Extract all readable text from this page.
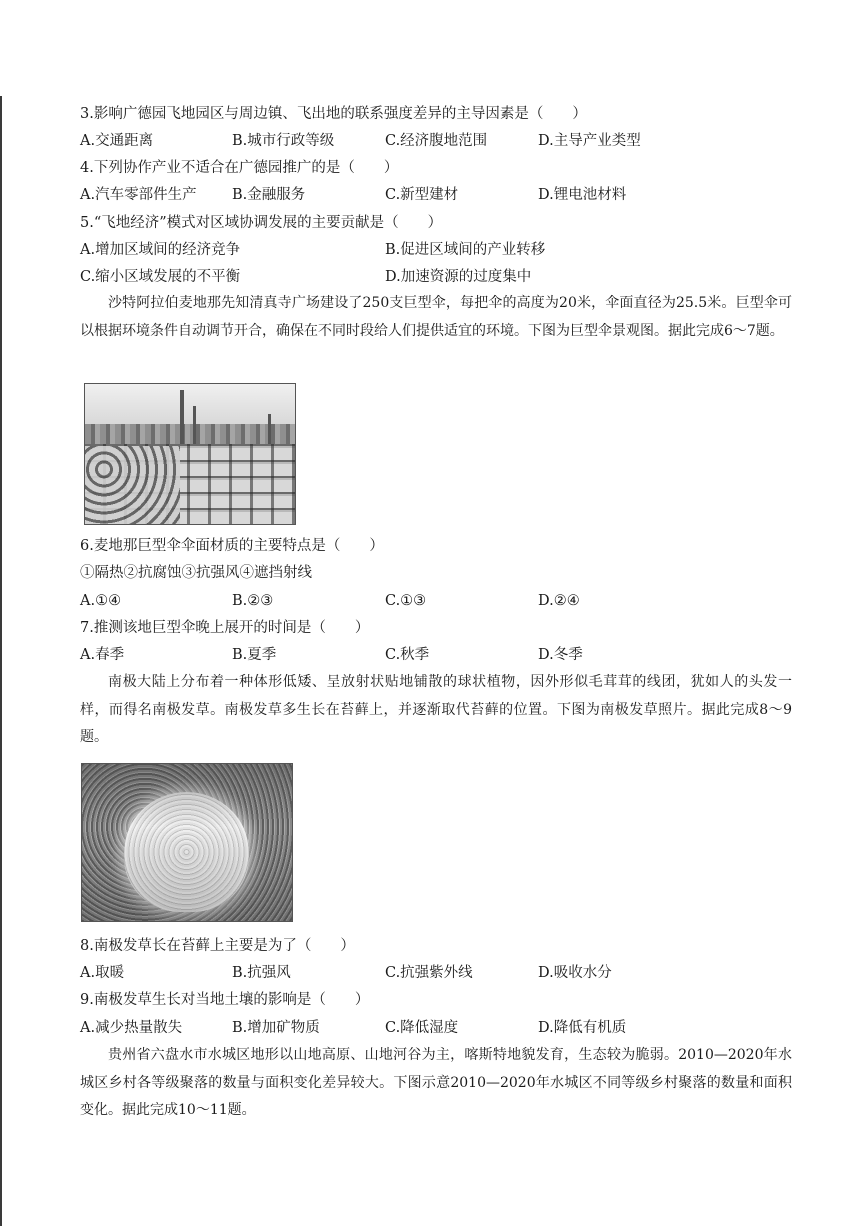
3.影响广德园飞地园区与周边镇、飞出地的联系强度差异的主导因素是（　　）
A.交通距离	B.城市行政等级	C.经济腹地范围	D.主导产业类型
4.下列协作产业不适合在广德园推广的是（　　）
A.汽车零部件生产 B.金融服务	C.新型建材	D.锂电池材料
5.“飞地经济”模式对区域协调发展的主要贡献是（　　）
A.增加区域间的经济竞争	B.促进区域间的产业转移
C.缩小区域发展的不平衡	D.加速资源的过度集中
沙特阿拉伯麦地那先知清真寺广场建设了250支巨型伞，每把伞的高度为20米，伞面直径为25.5米。巨型伞可以根据环境条件自动调节开合，确保在不同时段给人们提供适宜的环境。下图为巨型伞景观图。据此完成6～7题。
6.麦地那巨型伞伞面材质的主要特点是（　　）
①隔热②抗腐蚀③抗强风④遮挡射线
A.①④	B.②③	C.①③	D.②④
7.推测该地巨型伞晚上展开的时间是（　　）
A.春季	B.夏季	C.秋季	D.冬季
南极大陆上分布着一种体形低矮、呈放射状贴地铺散的球状植物，因外形似毛茸茸的线团，犹如人的头发一样，而得名南极发草。南极发草多生长在苔藓上，并逐渐取代苔藓的位置。下图为南极发草照片。据此完成8～9题。
8.南极发草长在苔藓上主要是为了（　　）
A.取暖	B.抗强风	C.抗强紫外线	D.吸收水分
9.南极发草生长对当地土壤的影响是（　　）
A.减少热量散失	B.增加矿物质	C.降低湿度	D.降低有机质
贵州省六盘水市水城区地形以山地高原、山地河谷为主，喀斯特地貌发育，生态较为脆弱。2010—2020年水城区乡村各等级聚落的数量与面积变化差异较大。下图示意2010—2020年水城区不同等级乡村聚落的数量和面积变化。据此完成10～11题。
